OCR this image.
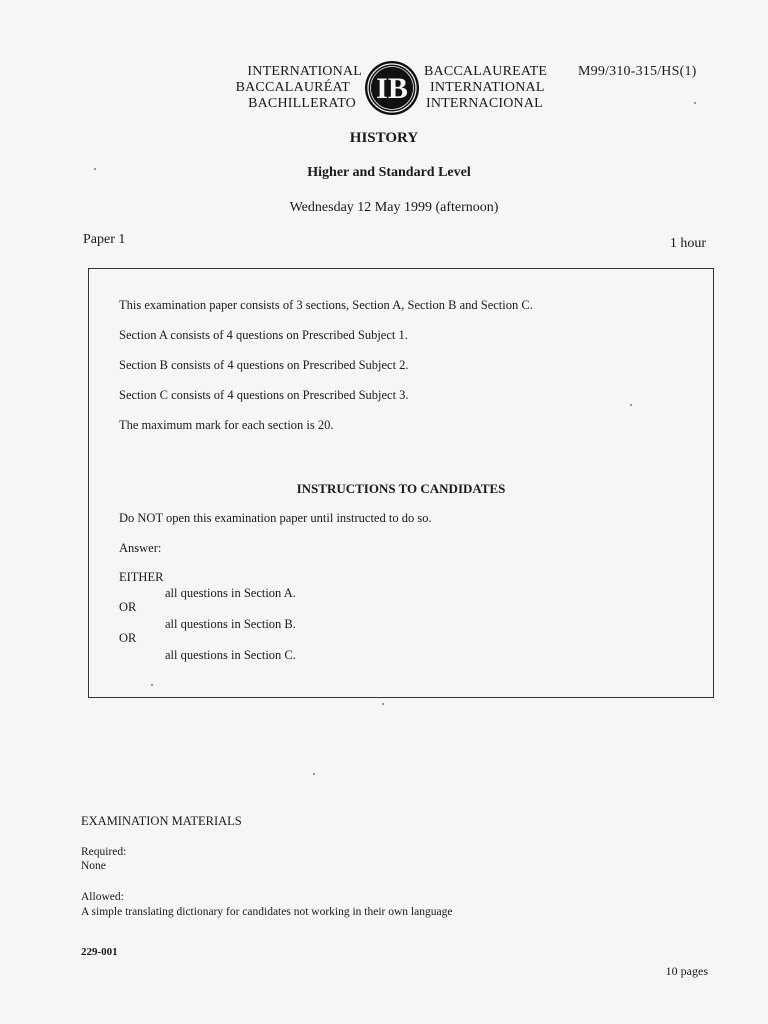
INTERNATIONAL
BACCALAURÉAT
BACHILLERATO IB
BACCALAUREATE
INTERNATIONAL
INTERNACIONAL
M99/310-315/HS(1)
HISTORY
Higher and Standard Level
Wednesday 12 May 1999 (afternoon)
Paper 1	1 hour
This examination paper consists of 3 sections, Section A, Section B and Section C.
Section A consists of 4 questions on Prescribed Subject 1.
Section B consists of 4 questions on Prescribed Subject 2.
Section C consists of 4 questions on Prescribed Subject 3.
The maximum mark for each section is 20.
INSTRUCTIONS TO CANDIDATES
Do NOT open this examination paper until instructed to do so.
Answer:
EITHER
all questions in Section A.
OR
all questions in Section B.
OR
all questions in Section C.
EXAMINATION MATERIALS
Required:
None
Allowed:
A simple translating dictionary for candidates not working in their own language
229-001
10 pages
